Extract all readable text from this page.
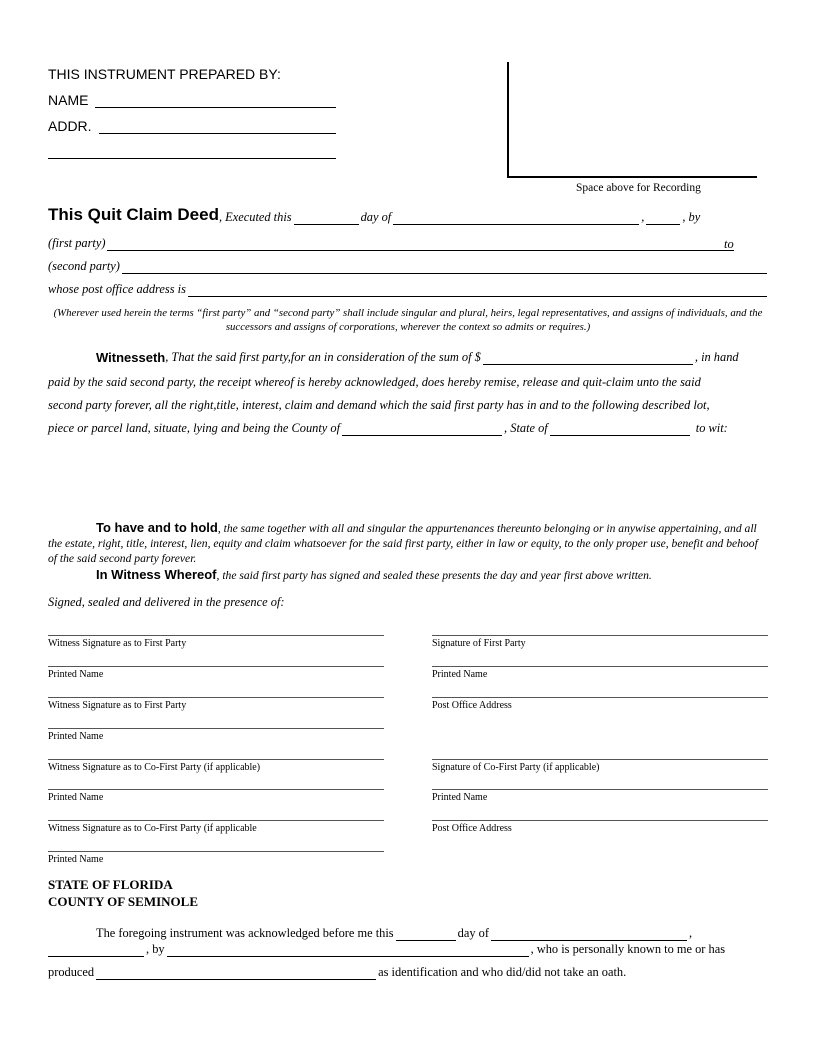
THIS INSTRUMENT PREPARED BY:
NAME
ADDR.
Space above for Recording
This Quit Claim Deed , Executed this	day of	,	, by
(first party)	to
(second party)
whose post office address is
(Wherever used herein the terms “first party” and “second party” shall include singular and plural, heirs, legal representatives, and assigns of individuals, and the successors and assigns of corporations, wherever the context so admits or requires.)
Witnesseth , That the said first party,for an in consideration of the sum of $	, in hand
paid by the said second party, the receipt whereof is hereby acknowledged, does hereby remise, release and quit-claim unto the said
second party forever, all the right,title, interest, claim and demand which the said first party has in and to the following described lot,
piece or parcel land, situate, lying and being the County of	, State of	to wit:
To have and to hold, the same together with all and singular the appurtenances thereunto belonging or in anywise appertaining, and all the estate, right, title, interest, lien, equity and claim whatsoever for the said first party, either in law or equity, to the only proper use, benefit and behoof of the said second party forever.
In Witness Whereof, the said first party has signed and sealed these presents the day and year first above written.
Signed, sealed and delivered in the presence of:
Witness Signature as to First Party
Printed Name
Witness Signature as to First Party
Printed Name
Witness Signature as to Co-First Party (if applicable)
Printed Name
Witness Signature as to Co-First Party (if applicable
Printed Name
Signature of First Party
Printed Name
Post Office Address
Signature of Co-First Party (if applicable)
Printed Name
Post Office Address
STATE OF FLORIDA
COUNTY OF SEMINOLE
The foregoing instrument was acknowledged before me this	day of	,
, by	, who is personally known to me or has
produced	as identification and who did/did not take an oath.
